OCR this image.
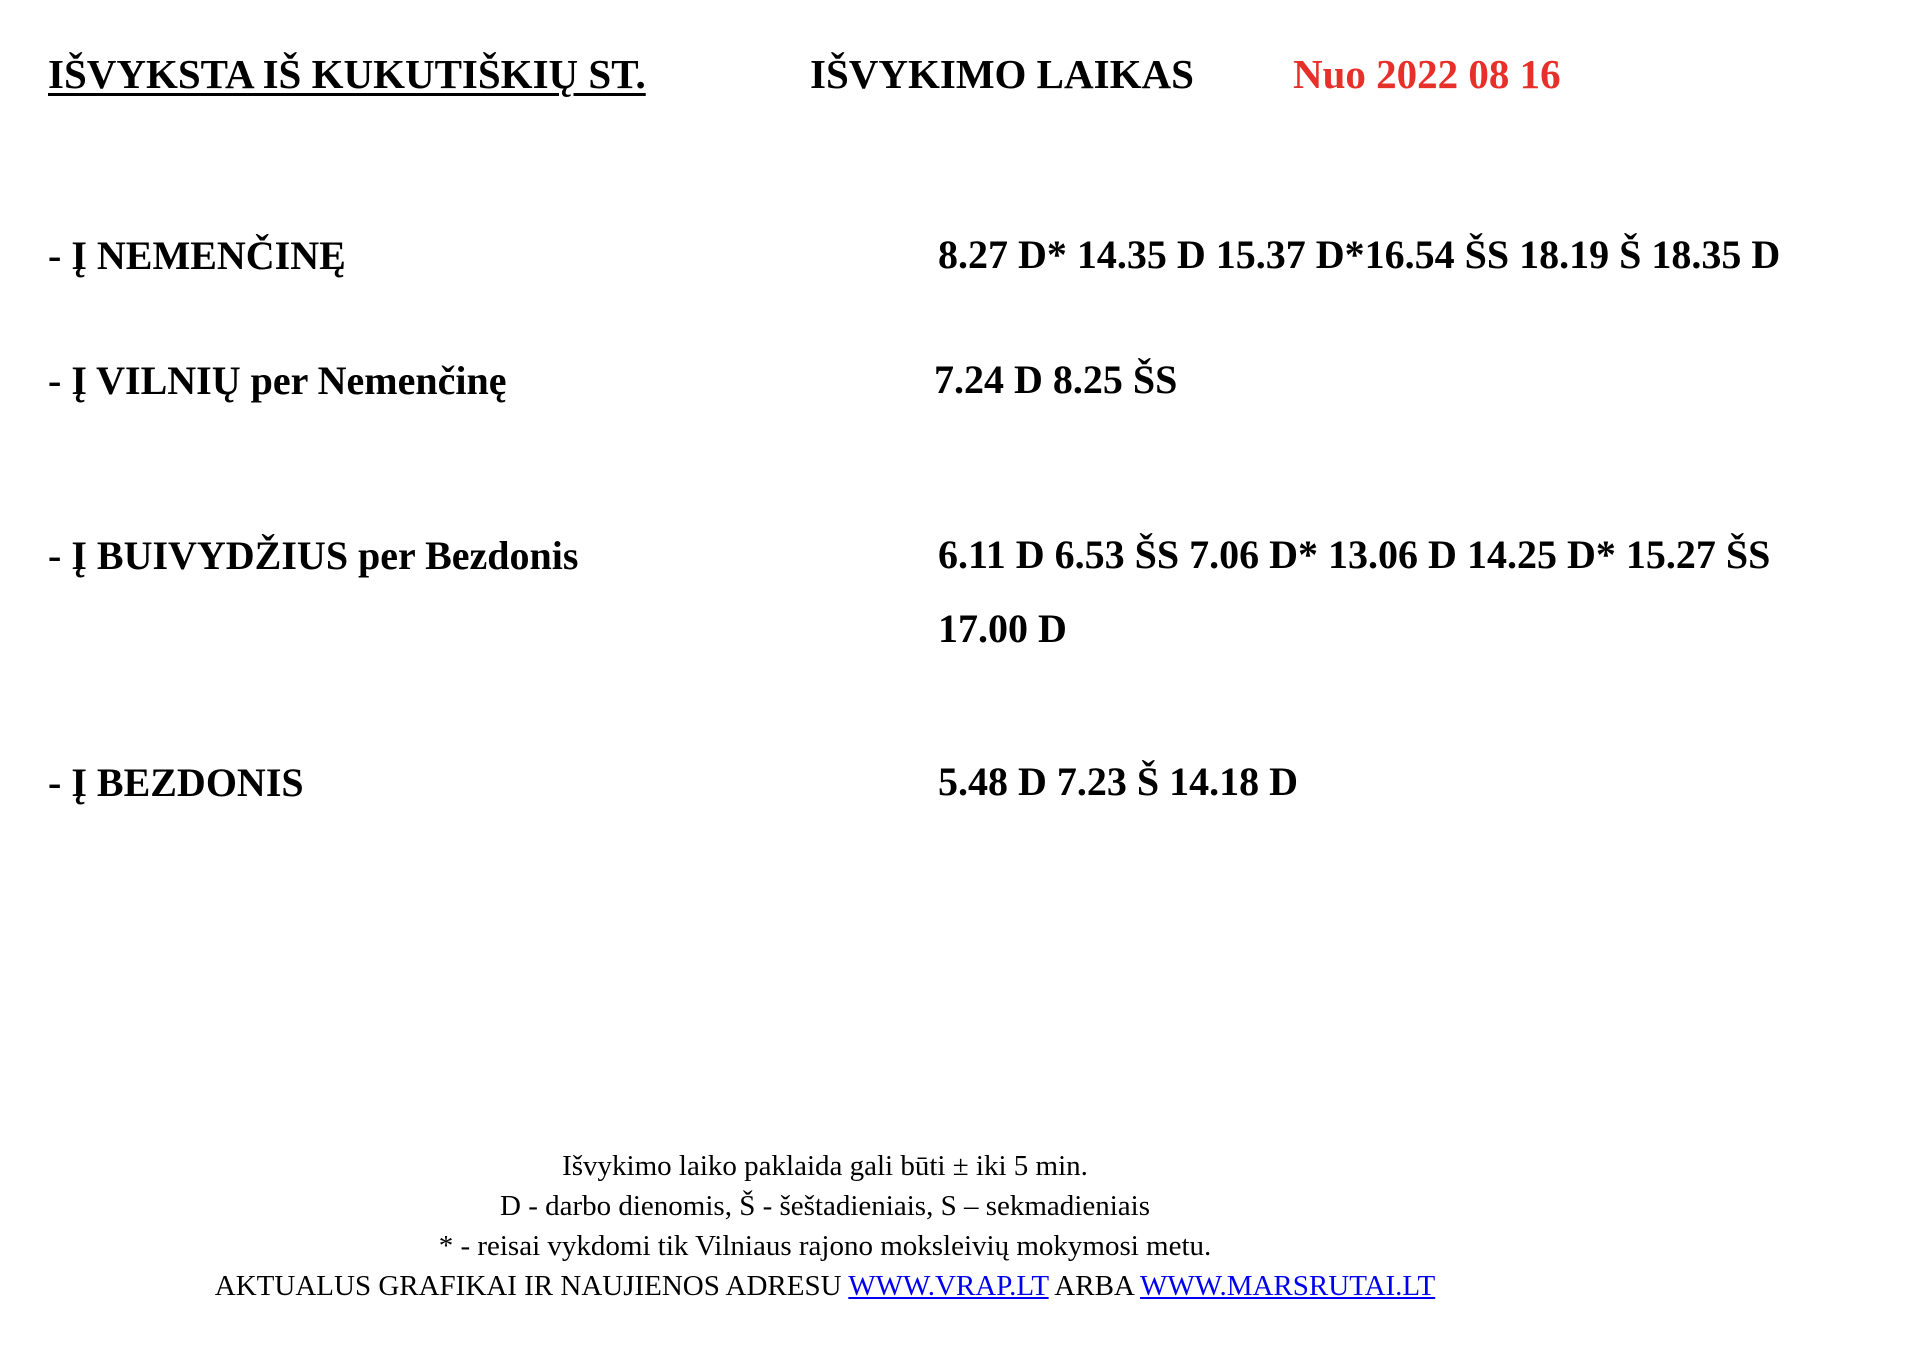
IŠVYKSTA IŠ KUKUTIŠKIŲ ST.	IŠVYKIMO LAIKAS Nuo 2022 08 16
- Į NEMENČINĘ	8.27 D* 14.35 D 15.37 D*16.54 ŠS 18.19 Š 18.35 D
- Į VILNIŲ per Nemenčinę	7.24 D 8.25 ŠS
- Į BUIVYDŽIUS per Bezdonis	6.11 D 6.53 ŠS 7.06 D* 13.06 D 14.25 D* 15.27 ŠS 17.00 D
- Į BEZDONIS	5.48 D 7.23 Š 14.18 D
Išvykimo laiko paklaida gali būti ± iki 5 min.
D - darbo dienomis, Š - šeštadieniais, S – sekmadieniais
* - reisai vykdomi tik Vilniaus rajono moksleivių mokymosi metu.
AKTUALUS GRAFIKAI IR NAUJIENOS ADRESU WWW.VRAP.LT ARBA WWW.MARSRUTAI.LT
